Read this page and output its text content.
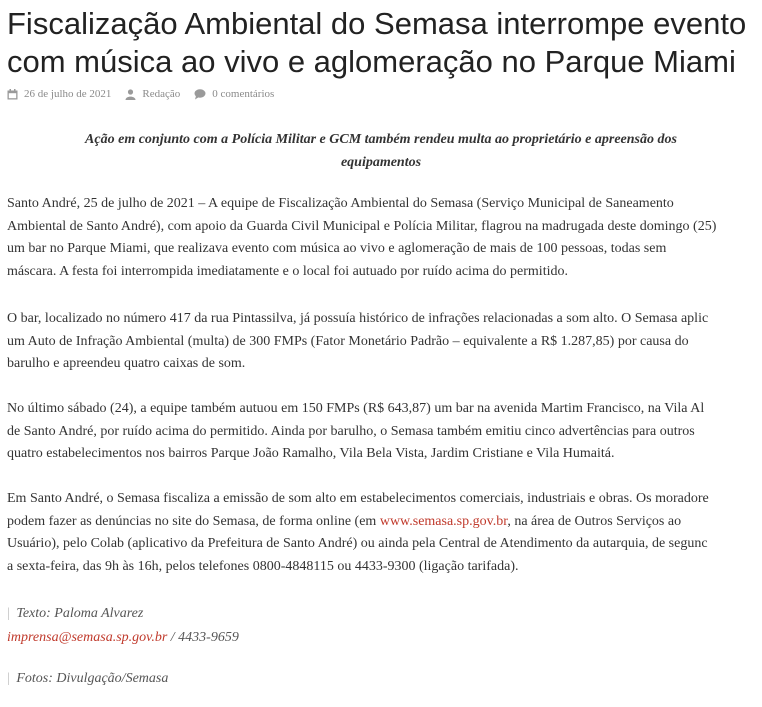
Fiscalização Ambiental do Semasa interrompe evento
com música ao vivo e aglomeração no Parque Miami
26 de julho de 2021	Redação	0 comentários
Ação em conjunto com a Polícia Militar e GCM também rendeu multa ao proprietário e apreensão dos
equipamentos
Santo André, 25 de julho de 2021 – A equipe de Fiscalização Ambiental do Semasa (Serviço Municipal de Saneamento
Ambiental de Santo André), com apoio da Guarda Civil Municipal e Polícia Militar, flagrou na madrugada deste domingo (25)
um bar no Parque Miami, que realizava evento com música ao vivo e aglomeração de mais de 100 pessoas, todas sem
máscara. A festa foi interrompida imediatamente e o local foi autuado por ruído acima do permitido.
O bar, localizado no número 417 da rua Pintassilva, já possuía histórico de infrações relacionadas a som alto. O Semasa aplic
um Auto de Infração Ambiental (multa) de 300 FMPs (Fator Monetário Padrão – equivalente a R$ 1.287,85) por causa do
barulho e apreendeu quatro caixas de som.
No último sábado (24), a equipe também autuou em 150 FMPs (R$ 643,87) um bar na avenida Martim Francisco, na Vila Al
de Santo André, por ruído acima do permitido. Ainda por barulho, o Semasa também emitiu cinco advertências para outros
quatro estabelecimentos nos bairros Parque João Ramalho, Vila Bela Vista, Jardim Cristiane e Vila Humaitá.
Em Santo André, o Semasa fiscaliza a emissão de som alto em estabelecimentos comerciais, industriais e obras. Os moradore
podem fazer as denúncias no site do Semasa, de forma online (em www.semasa.sp.gov.br, na área de Outros Serviços ao
Usuário), pelo Colab (aplicativo da Prefeitura de Santo André) ou ainda pela Central de Atendimento da autarquia, de segunc
a sexta-feira, das 9h às 16h, pelos telefones 0800-4848115 ou 4433-9300 (ligação tarifada).
| Texto: Paloma Alvarez
imprensa@semasa.sp.gov.br / 4433-9659
| Fotos: Divulgação/Semasa
